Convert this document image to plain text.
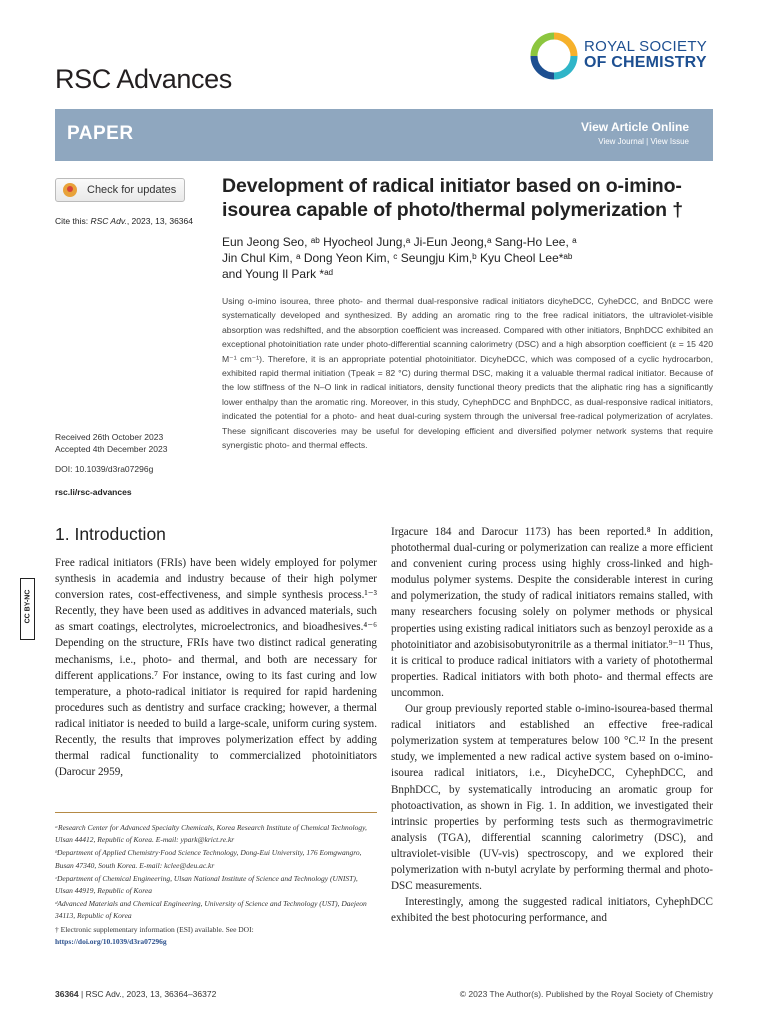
RSC Advances
ROYAL SOCIETY
OF CHEMISTRY
PAPER	View Article Online
View Journal | View Issue
Check for updates
Cite this: RSC Adv., 2023, 13, 36364
Received 26th October 2023
Accepted 4th December 2023
DOI: 10.1039/d3ra07296g
rsc.li/rsc-advances
Development of radical initiator based on o-imino-isourea capable of photo/thermal polymerization †
Eun Jeong Seo, ᵃᵇ Hyocheol Jung,ᵃ Ji-Eun Jeong,ᵃ Sang-Ho Lee, ᵃ
Jin Chul Kim, ᵃ Dong Yeon Kim, ᶜ Seungju Kim,ᵇ Kyu Cheol Lee*ᵃᵇ
and Young Il Park *ᵃᵈ
Using o-imino isourea, three photo- and thermal dual-responsive radical initiators dicyheDCC, CyheDCC, and BnDCC were systematically developed and synthesized. By adding an aromatic ring to the free radical initiators, the ultraviolet-visible absorption was redshifted, and the absorption coefficient was increased. Compared with other initiators, BnphDCC exhibited an exceptional photoinitiation rate under photo-differential scanning calorimetry (DSC) and a high absorption coefficient (ε = 15 420 M⁻¹ cm⁻¹). Therefore, it is an appropriate potential photoinitiator. DicyheDCC, which was composed of a cyclic hydrocarbon, exhibited rapid thermal initiation (Tpeak = 82 °C) during thermal DSC, making it a valuable thermal radical initiator. Because of the low stiffness of the N–O link in radical initiators, density functional theory predicts that the aliphatic ring has a significantly lower enthalpy than the aromatic ring. Moreover, in this study, CyhephDCC and BnphDCC, as dual-responsive radical initiators, indicated the potential for a photo- and heat dual-curing system through the universal free-radical polymerization of acrylates. These significant discoveries may be useful for developing efficient and diversified polymer network systems that require synergistic photo- and thermal effects.
1. Introduction

Free radical initiators (FRIs) have been widely employed for polymer synthesis in academia and industry because of their high polymer conversion rates, cost-effectiveness, and simple synthesis process.¹⁻³ Recently, they have been used as additives in advanced materials, such as smart coatings, electrolytes, microelectronics, and bioadhesives.⁴⁻⁶ Depending on the structure, FRIs have two distinct radical generating mechanisms, i.e., photo- and thermal, and both are necessary for different applications.⁷ For instance, owing to its fast curing and low temperature, a photo-radical initiator is required for rapid hardening procedures such as dentistry and surface cracking; however, a thermal radical initiator is needed to build a large-scale, uniform curing system. Recently, the results that improves polymerization effect by adding thermal radical functionality to commercialized photoinitiators (Darocur 2959,

Irgacure 184 and Darocur 1173) has been reported.⁸ In addition, photothermal dual-curing or polymerization can realize a more efficient and convenient curing process using highly cross-linked and high-modulus polymer systems. Despite the considerable interest in curing and polymerization, the study of radical initiators remains stalled, with many researchers focusing solely on polymer methods or physical properties using existing radical initiators such as benzoyl peroxide as a photoinitiator and azobisisobutyronitrile as a thermal initiator.⁹⁻¹¹ Thus, it is critical to produce radical initiators with a variety of photothermal properties. Radical initiators with both photo- and thermal effects are uncommon.

Our group previously reported stable o-imino-isourea-based thermal radical initiators and established an effective free-radical polymerization system at temperatures below 100 °C.¹² In the present study, we implemented a new radical active system based on o-imino-isourea radical initiators, i.e., DicyheDCC, CyhephDCC, and BnphDCC, by systematically introducing an aromatic group for photoactivation, as shown in Fig. 1. In addition, we investigated their intrinsic properties by performing tests such as thermogravimetric analysis (TGA), differential scanning calorimetry (DSC), and ultraviolet-visible (UV-vis) spectroscopy, and we explored their polymerization with n-butyl acrylate by performing thermal and photo-DSC measurements.

Interestingly, among the suggested radical initiators, CyhephDCC exhibited the best photocuring performance, and

CC BY-NC

ᵃResearch Center for Advanced Specialty Chemicals, Korea Research Institute of Chemical Technology, Ulsan 44412, Republic of Korea. E-mail: ypark@krict.re.kr

ᵇDepartment of Applied Chemistry·Food Science Technology, Dong-Eui University, 176 Eomgwangro, Busan 47340, South Korea. E-mail: kclee@deu.ac.kr

ᶜDepartment of Chemical Engineering, Ulsan National Institute of Science and Technology (UNIST), Ulsan 44919, Republic of Korea

ᵈAdvanced Materials and Chemical Engineering, University of Science and Technology (UST), Daejeon 34113, Republic of Korea

† Electronic supplementary information (ESI) available. See DOI:
https://doi.org/10.1039/d3ra07296g

36364 | RSC Adv., 2023, 13, 36364–36372	© 2023 The Author(s). Published by the Royal Society of Chemistry
